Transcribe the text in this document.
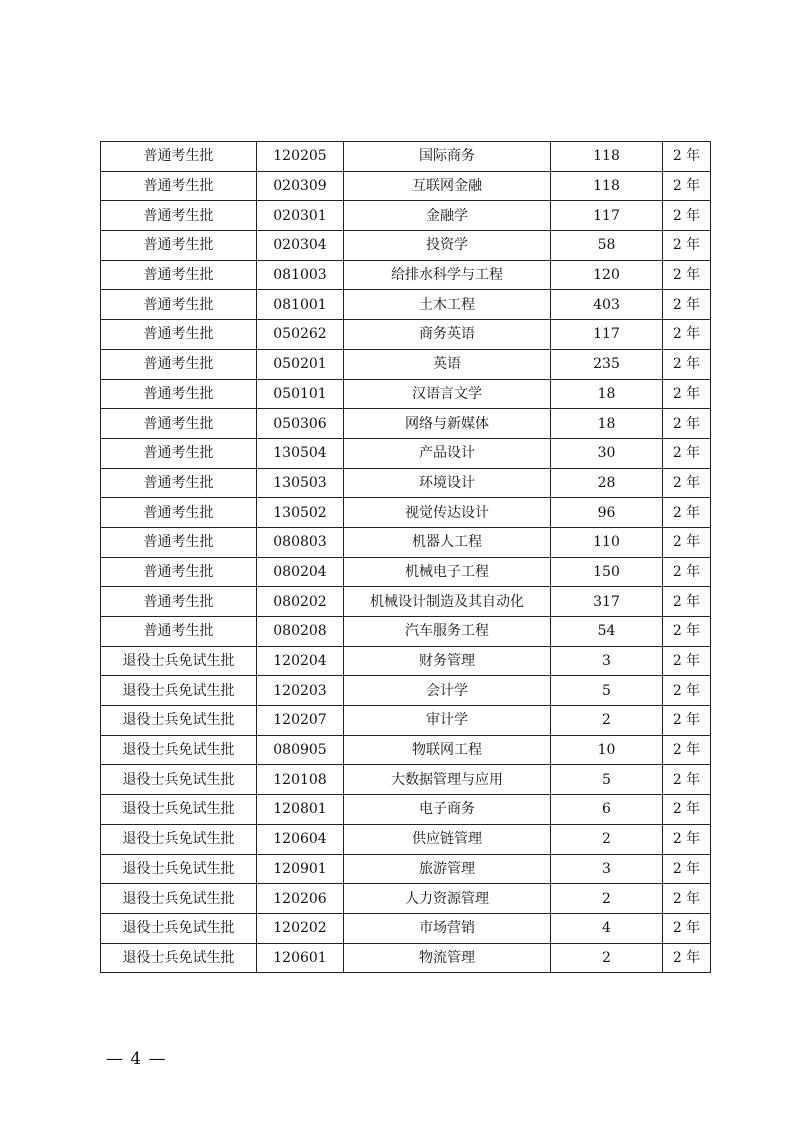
普通考生批	120205	国际商务	118	2 年
普通考生批	020309	互联网金融	118	2 年
普通考生批	020301	金融学	117	2 年
普通考生批	020304	投资学	58	2 年
普通考生批	081003	给排水科学与工程	120	2 年
普通考生批	081001	土木工程	403	2 年
普通考生批	050262	商务英语	117	2 年
普通考生批	050201	英语	235	2 年
普通考生批	050101	汉语言文学	18	2 年
普通考生批	050306	网络与新媒体	18	2 年
普通考生批	130504	产品设计	30	2 年
普通考生批	130503	环境设计	28	2 年
普通考生批	130502	视觉传达设计	96	2 年
普通考生批	080803	机器人工程	110	2 年
普通考生批	080204	机械电子工程	150	2 年
普通考生批	080202	机械设计制造及其自动化	317	2 年
普通考生批	080208	汽车服务工程	54	2 年
退役士兵免试生批	120204	财务管理	3	2 年
退役士兵免试生批	120203	会计学	5	2 年
退役士兵免试生批	120207	审计学	2	2 年
退役士兵免试生批	080905	物联网工程	10	2 年
退役士兵免试生批	120108	大数据管理与应用	5	2 年
退役士兵免试生批	120801	电子商务	6	2 年
退役士兵免试生批	120604	供应链管理	2	2 年
退役士兵免试生批	120901	旅游管理	3	2 年
退役士兵免试生批	120206	人力资源管理	2	2 年
退役士兵免试生批	120202	市场营销	4	2 年
退役士兵免试生批	120601	物流管理	2	2 年
— 4 —
